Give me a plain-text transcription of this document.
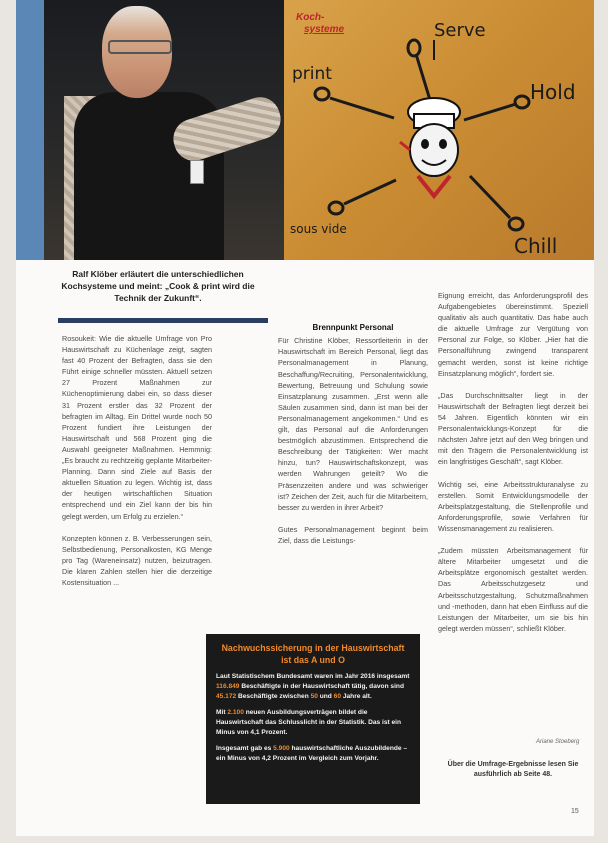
Koch-
systeme	Serve
Hold
print
sous vide
Chill
Ralf Klöber erläutert die unterschiedlichen Kochsysteme und meint: „Cook & print wird die Technik der Zukunft“.
Rosoukeit: Wie die aktuelle Umfrage von Pro Hauswirtschaft zu Küchenlage zeigt, sagten fast 40 Prozent der Befragten, dass sie den Führt einige schneller müssten. Aktuell setzen 27 Prozent Maßnahmen zur Küchenoptimierung dabei ein, so dass dieser 31 Prozent erstler das 32 Prozent der befragten im Alltag. Ein Drittel wurde noch 50 Prozent fundiert ihre Leistungen der Hauswirtschaft und 568 Prozent ging die Auswahl geeigneter Maßnahmen. Hemmnig: „Es braucht zu rechtzeitig geplante Mitarbeiter-Planning. Dann sind Ziele auf Basis der aktuellen Situation zu legen. Wichtig ist, dass der heutigen wirtschaftlichen Situation entsprechend und ein Ziel kann der bis hin gelegt werden, um Erfolg zu erzielen.“

Konzepten können z. B. Verbesserungen sein, Selbstbedienung, Personalkosten, KG Menge pro Tag (Wareneinsatz) nutzen, beizutragen. Die klaren Zahlen stellen hier die derzeitige Kostensituation ...

Brennpunkt Personal
Für Christine Klöber, Ressortleiterin in der Hauswirtschaft im Bereich Personal, liegt das Personalmanagement in Planung, Beschaffung/Recruiting, Personalentwicklung, Bewertung, Betreuung und Schulung sowie Einsatzplanung zusammen. „Erst wenn alle Säulen zusammen sind, dann ist man bei der Personalmanagement angekommen.“ Und es gilt, das Personal auf die Anforderungen bestmöglich abzustimmen. Entsprechend die Beschreibung der Tätigkeiten: Wer macht hinzu, tun? Hauswirtschaftskonzept, was werden Wahrungen geteilt? Wo die Präsenzzeiten andere und was schwieriger ist? Zeichen der Zeit, auch für die Mitarbeitern, besser zu werden in ihrer Arbeit?

Gutes Personalmanagement beginnt beim Ziel, dass die Leistungs-

Eignung erreicht, das Anforderungsprofil des Aufgabengebietes übereinstimmt. Speziell qualitativ als auch quantitativ. Das habe auch die aktuelle Umfrage zur Vergütung von Personal zur Folge, so Klöber. „Hier hat die Personalführung zwingend transparent gemacht werden, sonst ist keine richtige Einsatzplanung möglich“, fordert sie.

„Das Durchschnittsalter liegt in der Hauswirtschaft der Befragten liegt derzeit bei 54 Jahren. Eigentlich könnten wir ein Personalentwicklungs-Konzept für die nächsten Jahre jetzt auf den Weg bringen und mit den Trägern die Personalentwicklung ist ein langfristiges Geschäft“, sagt Klöber.

Wichtig sei, eine Arbeitsstrukturanalyse zu erstellen. Somit Entwicklungsmodelle der Arbeitsplatzgestaltung, die Stellenprofile und Anforderungsprofile, sowie Verfahren für Wissensmanagement zu realisieren.

„Zudem müssten Arbeitsmanagement für ältere Mitarbeiter umgesetzt und die Arbeitsplätze ergonomisch gestaltet werden. Das Arbeitsschutzgesetz und Arbeitsschutzgestaltung, Schutzmaßnahmen und -methoden, dann hat eben Einfluss auf die Leistungen der Mitarbeiter, um sie bis hin gelegt werden müssen“, schließt Klöber.
Ariane Stoeberg
Über die Umfrage-Ergebnisse lesen Sie ausführlich ab Seite 48.
Nachwuchssicherung in der Hauswirtschaft ist das A und O

Laut Statistischem Bundesamt waren im Jahr 2016 insgesamt 116.849 Beschäftigte in der Hauswirtschaft tätig, davon sind 45.172 Beschäftigte zwischen 50 und 60 Jahre alt.

Mit 2.100 neuen Ausbildungsverträgen bildet die Hauswirtschaft das Schlusslicht in der Statistik. Das ist ein Minus von 4,1 Prozent.

Insgesamt gab es 5.900 hauswirtschaftliche Auszubildende – ein Minus von 4,2 Prozent im Vergleich zum Vorjahr.

15
